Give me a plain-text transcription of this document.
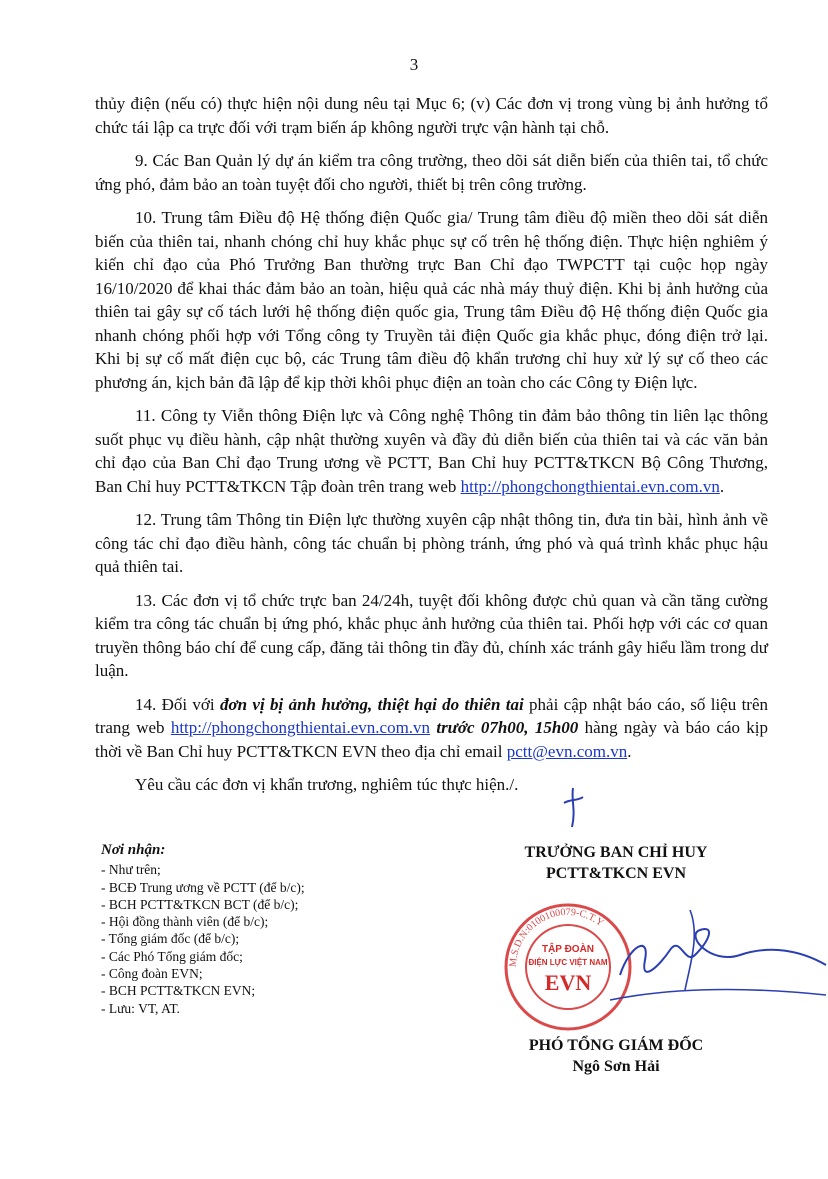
3

thủy điện (nếu có) thực hiện nội dung nêu tại Mục 6; (v) Các đơn vị trong vùng bị ảnh hưởng tổ chức tái lập ca trực đối với trạm biến áp không người trực vận hành tại chỗ.

9. Các Ban Quản lý dự án kiểm tra công trường, theo dõi sát diễn biến của thiên tai, tổ chức ứng phó, đảm bảo an toàn tuyệt đối cho người, thiết bị trên công trường.

10. Trung tâm Điều độ Hệ thống điện Quốc gia/ Trung tâm điều độ miền theo dõi sát diễn biến của thiên tai, nhanh chóng chỉ huy khắc phục sự cố trên hệ thống điện. Thực hiện nghiêm ý kiến chỉ đạo của Phó Trưởng Ban thường trực Ban Chỉ đạo TWPCTT tại cuộc họp ngày 16/10/2020 để khai thác đảm bảo an toàn, hiệu quả các nhà máy thuỷ điện. Khi bị ảnh hưởng của thiên tai gây sự cố tách lưới hệ thống điện quốc gia, Trung tâm Điều độ Hệ thống điện Quốc gia nhanh chóng phối hợp với Tổng công ty Truyền tải điện Quốc gia khắc phục, đóng điện trở lại. Khi bị sự cố mất điện cục bộ, các Trung tâm điều độ khẩn trương chỉ huy xử lý sự cố theo các phương án, kịch bản đã lập để kịp thời khôi phục điện an toàn cho các Công ty Điện lực.

11. Công ty Viễn thông Điện lực và Công nghệ Thông tin đảm bảo thông tin liên lạc thông suốt phục vụ điều hành, cập nhật thường xuyên và đầy đủ diễn biến của thiên tai và các văn bản chỉ đạo của Ban Chỉ đạo Trung ương về PCTT, Ban Chỉ huy PCTT&TKCN Bộ Công Thương, Ban Chỉ huy PCTT&TKCN Tập đoàn trên trang web http://phongchongthientai.evn.com.vn.

12. Trung tâm Thông tin Điện lực thường xuyên cập nhật thông tin, đưa tin bài, hình ảnh về công tác chỉ đạo điều hành, công tác chuẩn bị phòng tránh, ứng phó và quá trình khắc phục hậu quả thiên tai.

13. Các đơn vị tổ chức trực ban 24/24h, tuyệt đối không được chủ quan và cần tăng cường kiểm tra công tác chuẩn bị ứng phó, khắc phục ảnh hưởng của thiên tai. Phối hợp với các cơ quan truyền thông báo chí để cung cấp, đăng tải thông tin đầy đủ, chính xác tránh gây hiểu lầm trong dư luận.

14. Đối với đơn vị bị ảnh hưởng, thiệt hại do thiên tai phải cập nhật báo cáo, số liệu trên trang web http://phongchongthientai.evn.com.vn trước 07h00, 15h00 hàng ngày và báo cáo kịp thời về Ban Chỉ huy PCTT&TKCN EVN theo địa chỉ email pctt@evn.com.vn.

Yêu cầu các đơn vị khẩn trương, nghiêm túc thực hiện./.

Nơi nhận:
- Như trên;
- BCĐ Trung ương về PCTT (để b/c);
- BCH PCTT&TKCN BCT (để b/c);
- Hội đồng thành viên (để b/c);
- Tổng giám đốc (để b/c);
- Các Phó Tổng giám đốc;
- Công đoàn EVN;
- BCH PCTT&TKCN EVN;
- Lưu: VT, AT.
TRƯỞNG BAN CHỈ HUY
PCTT&TKCN EVN
M.S.D.N:0100100079-C.T.Y
TẬP ĐOÀN
ĐIỆN LỰC VIỆT NAM
EVN
PHÓ TỔNG GIÁM ĐỐC
Ngô Sơn Hải
